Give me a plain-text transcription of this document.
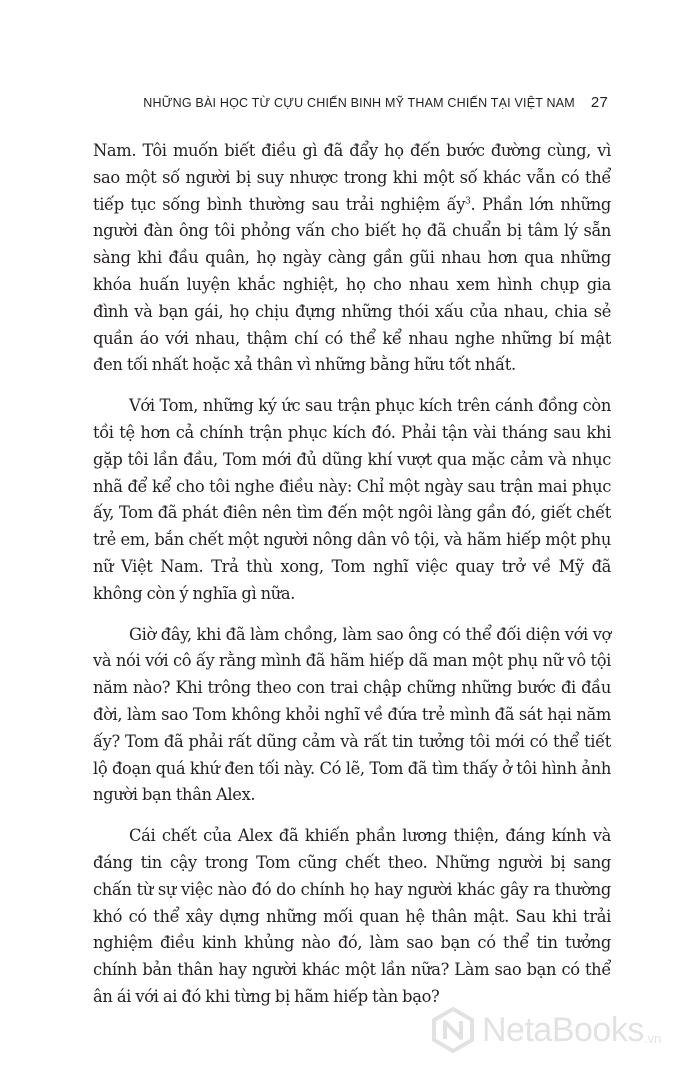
NHỮNG BÀI HỌC TỪ CỰU CHIẾN BINH MỸ THAM CHIẾN TẠI VIỆT NAM 27

Nam. Tôi muốn biết điều gì đã đẩy họ đến bước đường cùng, vì sao một số người bị suy nhược trong khi một số khác vẫn có thể tiếp tục sống bình thường sau trải nghiệm ấy$^3$. Phần lớn những người đàn ông tôi phỏng vấn cho biết họ đã chuẩn bị tâm lý sẵn sàng khi đầu quân, họ ngày càng gần gũi nhau hơn qua những khóa huấn luyện khắc nghiệt, họ cho nhau xem hình chụp gia đình và bạn gái, họ chịu đựng những thói xấu của nhau, chia sẻ quần áo với nhau, thậm chí có thể kể nhau nghe những bí mật đen tối nhất hoặc xả thân vì những bằng hữu tốt nhất.

Với Tom, những ký ức sau trận phục kích trên cánh đồng còn tồi tệ hơn cả chính trận phục kích đó. Phải tận vài tháng sau khi gặp tôi lần đầu, Tom mới đủ dũng khí vượt qua mặc cảm và nhục nhã để kể cho tôi nghe điều này: Chỉ một ngày sau trận mai phục ấy, Tom đã phát điên nên tìm đến một ngôi làng gần đó, giết chết trẻ em, bắn chết một người nông dân vô tội, và hãm hiếp một phụ nữ Việt Nam. Trả thù xong, Tom nghĩ việc quay trở về Mỹ đã không còn ý nghĩa gì nữa.

Giờ đây, khi đã làm chồng, làm sao ông có thể đối diện với vợ và nói với cô ấy rằng mình đã hãm hiếp dã man một phụ nữ vô tội năm nào? Khi trông theo con trai chập chững những bước đi đầu đời, làm sao Tom không khỏi nghĩ về đứa trẻ mình đã sát hại năm ấy? Tom đã phải rất dũng cảm và rất tin tưởng tôi mới có thể tiết lộ đoạn quá khứ đen tối này. Có lẽ, Tom đã tìm thấy ở tôi hình ảnh người bạn thân Alex.

Cái chết của Alex đã khiến phần lương thiện, đáng kính và đáng tin cậy trong Tom cũng chết theo. Những người bị sang chấn từ sự việc nào đó do chính họ hay người khác gây ra thường khó có thể xây dựng những mối quan hệ thân mật. Sau khi trải nghiệm điều kinh khủng nào đó, làm sao bạn có thể tin tưởng chính bản thân hay người khác một lần nữa? Làm sao bạn có thể ân ái với ai đó khi từng bị hãm hiếp tàn bạo?

NetaBooks .vn
